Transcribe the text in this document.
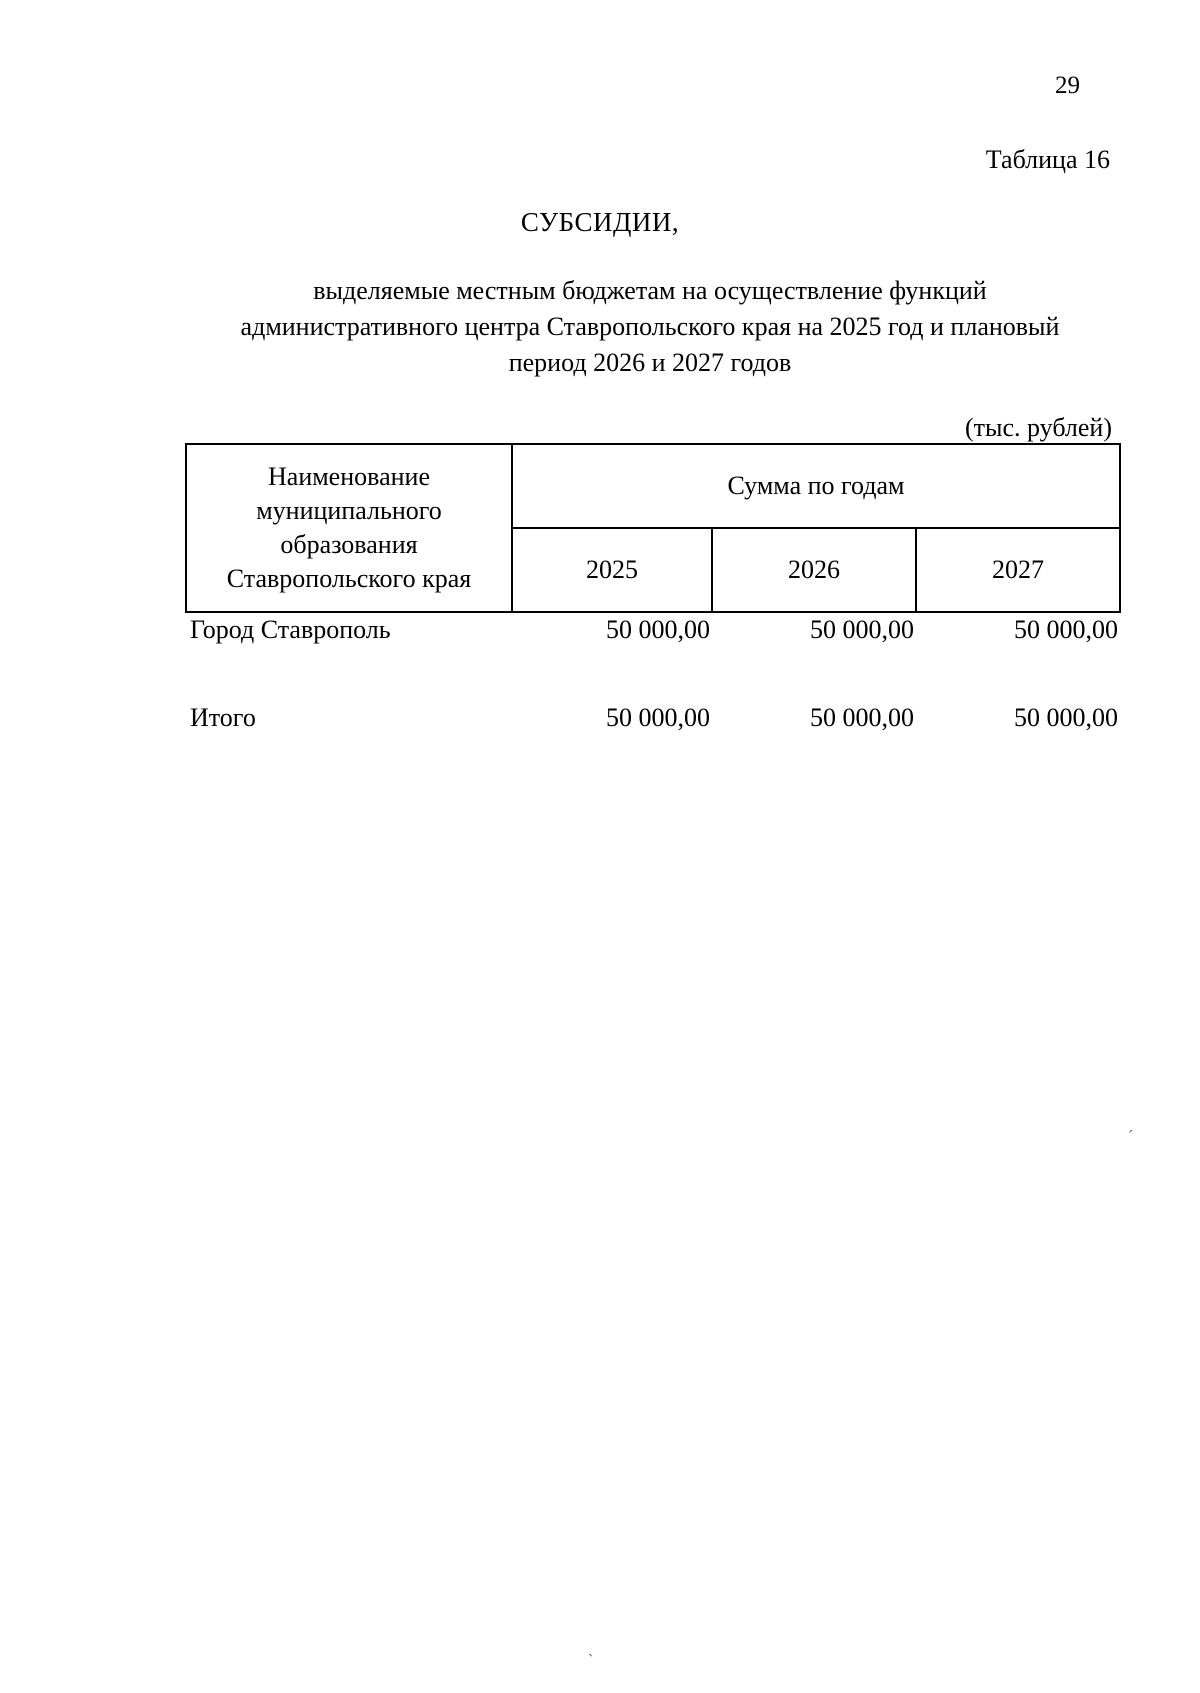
29
Таблица 16
СУБСИДИИ,
выделяемые местным бюджетам на осуществление функций
административного центра Ставропольского края на 2025 год и плановый
период 2026 и 2027 годов
(тыс. рублей)
Наименование
муниципального
образования
Ставропольского края	Сумма по годам		
	2025	2026	2027
Город Ставрополь	50 000,00	50 000,00	50 000,00
Итого	50 000,00	50 000,00	50 000,00
ˊ
ˋ
